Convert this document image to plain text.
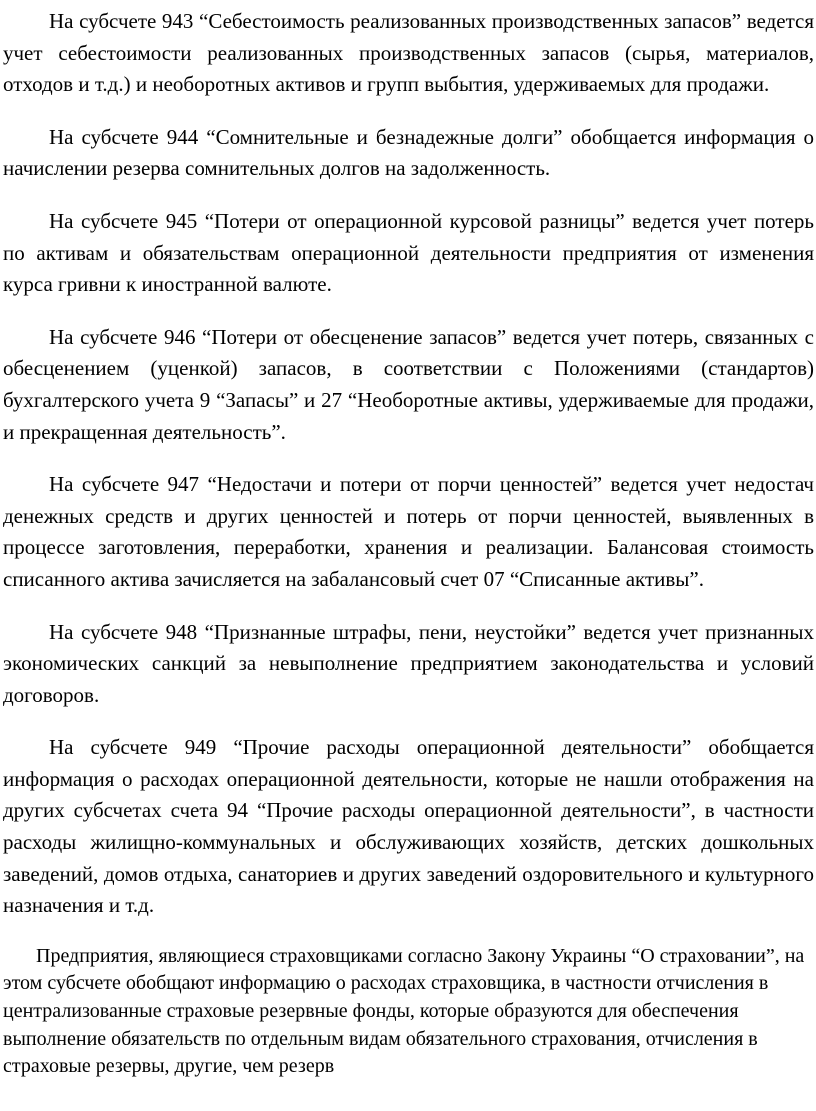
На субсчете 943 “Себестоимость реализованных производственных запасов” ведется учет себестоимости реализованных производственных запасов (сырья, материалов, отходов и т.д.) и необоротных активов и групп выбытия, удерживаемых для продажи.

На субсчете 944 “Сомнительные и безнадежные долги” обобщается информация о начислении резерва сомнительных долгов на задолженность.

На субсчете 945 “Потери от операционной курсовой разницы” ведется учет потерь по активам и обязательствам операционной деятельности предприятия от изменения курса гривни к иностранной валюте.

На субсчете 946 “Потери от обесценение запасов” ведется учет потерь, связанных с обесценением (уценкой) запасов, в соответствии с Положениями (стандартов) бухгалтерского учета 9 “Запасы” и 27 “Необоротные активы, удерживаемые для продажи, и прекращенная деятельность”.

На субсчете 947 “Недостачи и потери от порчи ценностей” ведется учет недостач денежных средств и других ценностей и потерь от порчи ценностей, выявленных в процессе заготовления, переработки, хранения и реализации. Балансовая стоимость списанного актива зачисляется на забалансовый счет 07 “Списанные активы”.

На субсчете 948 “Признанные штрафы, пени, неустойки” ведется учет признанных экономических санкций за невыполнение предприятием законодательства и условий договоров.

На субсчете 949 “Прочие расходы операционной деятельности” обобщается информация о расходах операционной деятельности, которые не нашли отображения на других субсчетах счета 94 “Прочие расходы операционной деятельности”, в частности расходы жилищно-коммунальных и обслуживающих хозяйств, детских дошкольных заведений, домов отдыха, санаториев и других заведений оздоровительного и культурного назначения и т.д.

Предприятия, являющиеся страховщиками согласно Закону Украины “О страховании”, на этом субсчете обобщают информацию о расходах страховщика, в частности отчисления в централизованные страховые резервные фонды, которые образуются для обеспечения выполнение обязательств по отдельным видам обязательного страхования, отчисления в страховые резервы, другие, чем резерв
